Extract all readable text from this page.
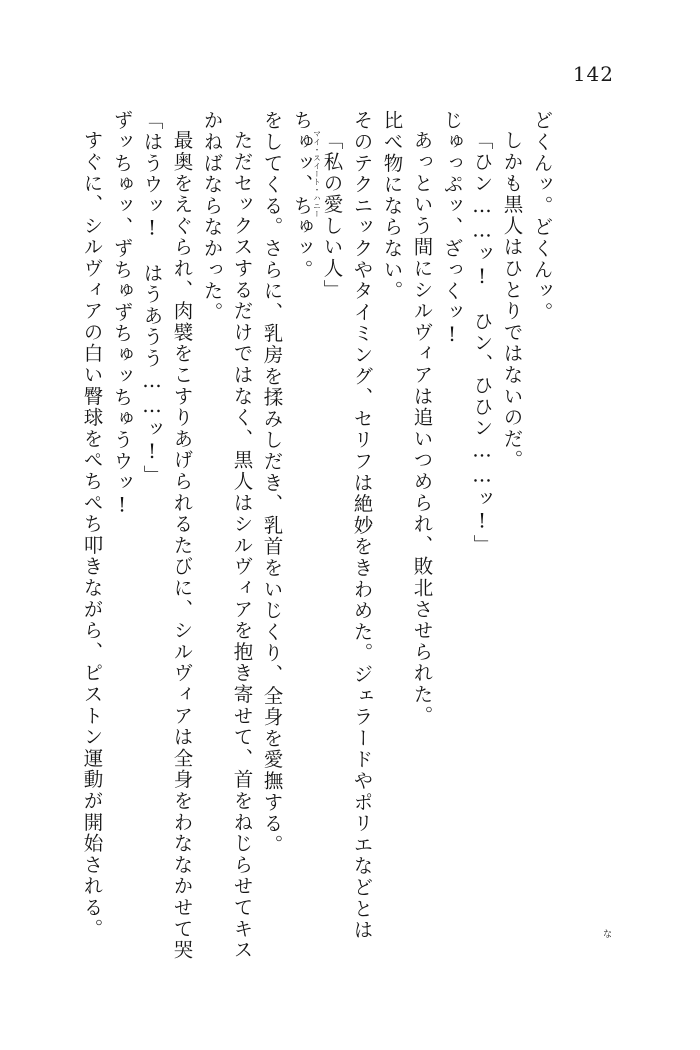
142
すぐに、シルヴィアの白い臀球をぺちぺち叩きながら、ピストン運動が開始される。 ずッちゅッ、ずちゅずちゅッちゅうウッ! 「はうウッ!　はうあうう……ッ!」 最奥をえぐられ、肉襞をこすりあげられるたびに、シルヴィアは全身をわななかせて哭 かねばならなかった。 ただセックスするだけではなく、黒人はシルヴィアを抱き寄せて、首をねじらせてキス をしてくる。さらに、乳房を揉みしだき、乳首をいじくり、全身を愛撫する。 ちゅッ、ちゅッ。 「私の愛しい人」
マイ・スイート・ハニー そのテクニックやタイミング、セリフは絶妙をきわめた。ジェラードやポリエなどとは 比べ物にならない。 あっという間にシルヴィアは追いつめられ、敗北させられた。 じゅっぷッ、ざっくッ! 「ひン……ッ!　ひン、ひひン……ッ!」 しかも黒人はひとりではないのだ。 どくんッ。どくんッ。
な
